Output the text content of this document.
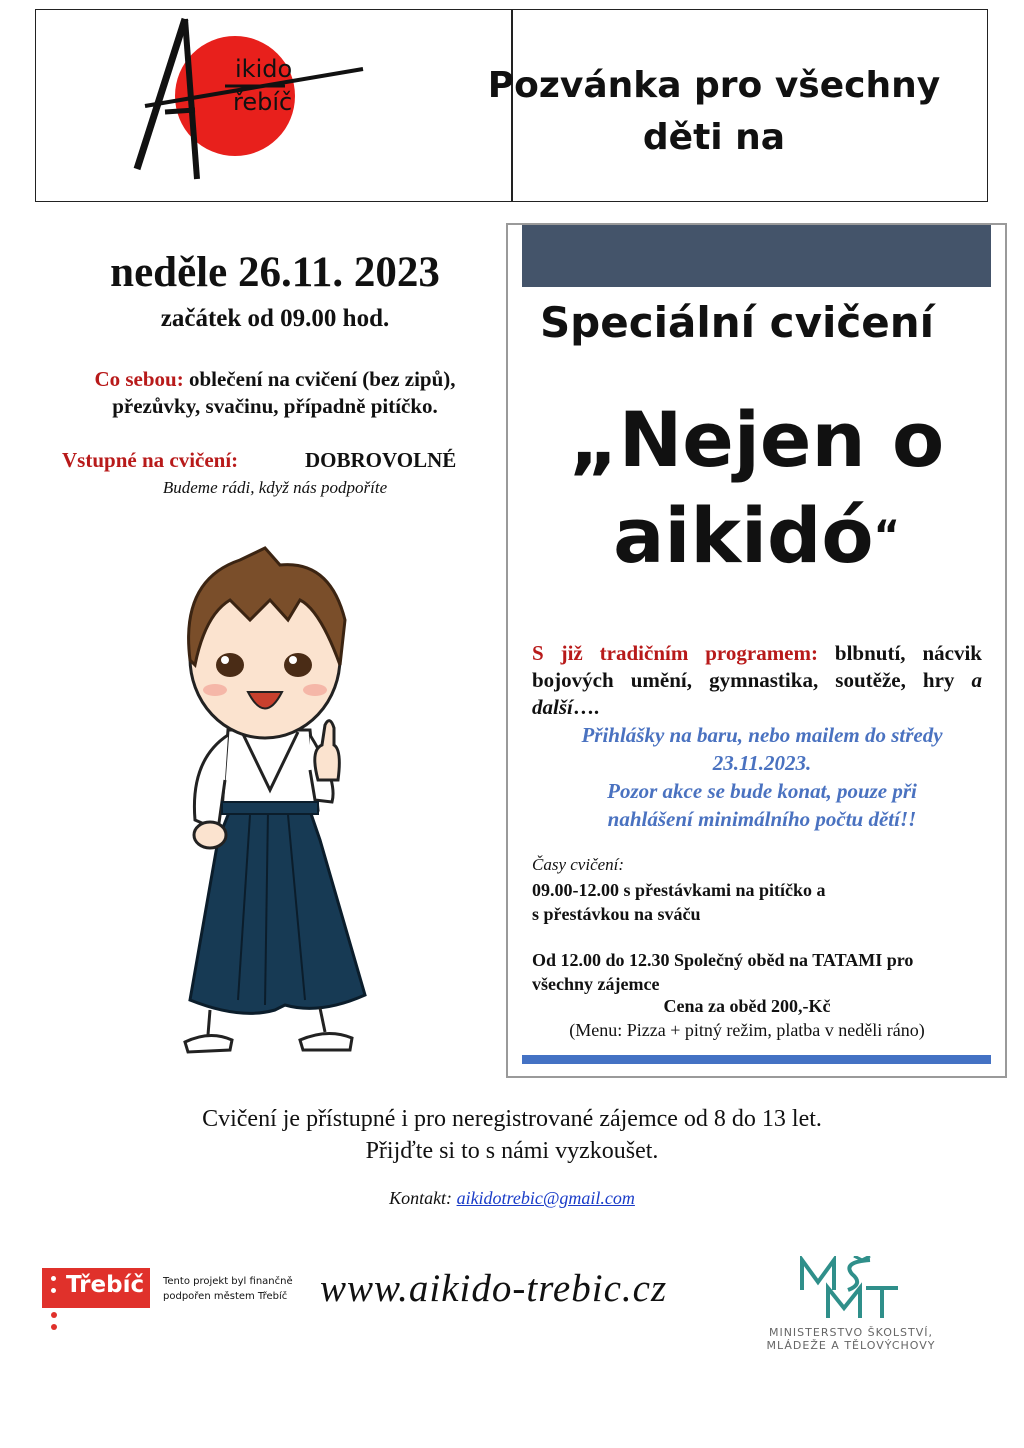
ikido
řebíč	Pozvánka pro všechny
děti na
neděle 26.11. 2023
začátek od 09.00 hod.
Co sebou: oblečení na cvičení (bez zipů),
přezůvky, svačinu, případně pitíčko.
Vstupné na cvičení:	DOBROVOLNÉ
Budeme rádi, když nás podpoříte
Speciální cvičení
„Nejen o
aikidó“
S již tradičním programem: blbnutí, nácvik bojových umění, gymnastika, soutěže, hry a další….
Přihlášky na baru, nebo mailem do středy
23.11.2023.
Pozor akce se bude konat, pouze při
nahlášení minimálního počtu dětí!!
Časy cvičení:
09.00-12.00 s přestávkami na pitíčko a
s přestávkou na sváču
Od 12.00 do 12.30 Společný oběd na TATAMI pro
všechny zájemce
Cena za oběd 200,-Kč
(Menu: Pizza + pitný režim, platba v neděli ráno)
Cvičení je přístupné i pro neregistrované zájemce od 8 do 13 let.
Přijďte si to s námi vyzkoušet.
Kontakt: aikidotrebic@gmail.com
Třebíč Tento projekt byl finančně
podpořen městem Třebíč www.aikido-trebic.cz
MINISTERSTVO ŠKOLSTVÍ,
MLÁDEŽE A TĚLOVÝCHOVY
